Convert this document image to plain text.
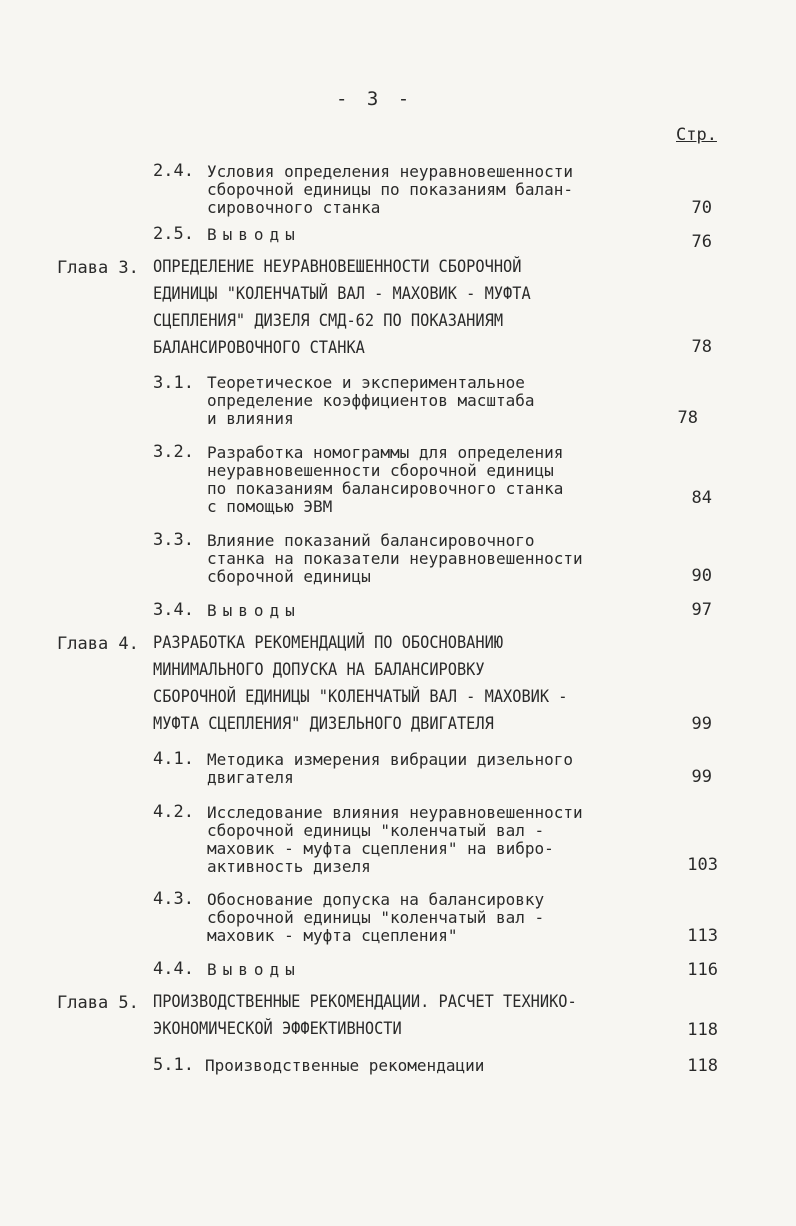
- 3 -
Стр.
2.4. Условия определения неуравновешенности
сборочной единицы по показаниям балан-
сировочного станка	70
2.5. Выводы	76
Глава 3. ОПРЕДЕЛЕНИЕ НЕУРАВНОВЕШЕННОСТИ СБОРОЧНОЙ
ЕДИНИЦЫ "КОЛЕНЧАТЫЙ ВАЛ - МАХОВИК - МУФТА
СЦЕПЛЕНИЯ" ДИЗЕЛЯ СМД-62 ПО ПОКАЗАНИЯМ
БАЛАНСИРОВОЧНОГО СТАНКА	78
3.1. Теоретическое и экспериментальное
определение коэффициентов масштаба
и влияния	78
3.2. Разработка номограммы для определения
неуравновешенности сборочной единицы
по показаниям балансировочного станка
с помощью ЭВМ	84
3.3. Влияние показаний балансировочного
станка на показатели неуравновешенности
сборочной единицы	90
3.4. Выводы	97
Глава 4. РАЗРАБОТКА РЕКОМЕНДАЦИЙ ПО ОБОСНОВАНИЮ
МИНИМАЛЬНОГО ДОПУСКА НА БАЛАНСИРОВКУ
СБОРОЧНОЙ ЕДИНИЦЫ "КОЛЕНЧАТЫЙ ВАЛ - МАХОВИК -
МУФТА СЦЕПЛЕНИЯ" ДИЗЕЛЬНОГО ДВИГАТЕЛЯ	99
4.1. Методика измерения вибрации дизельного
двигателя	99
4.2. Исследование влияния неуравновешенности
сборочной единицы "коленчатый вал -
маховик - муфта сцепления" на вибро-
активность дизеля	103
4.3. Обоснование допуска на балансировку
сборочной единицы "коленчатый вал -
маховик - муфта сцепления"	113
4.4. Выводы	116
Глава 5. ПРОИЗВОДСТВЕННЫЕ РЕКОМЕНДАЦИИ. РАСЧЕТ ТЕХНИКО-
ЭКОНОМИЧЕСКОЙ ЭФФЕКТИВНОСТИ	118
5.1. Производственные рекомендации	118
